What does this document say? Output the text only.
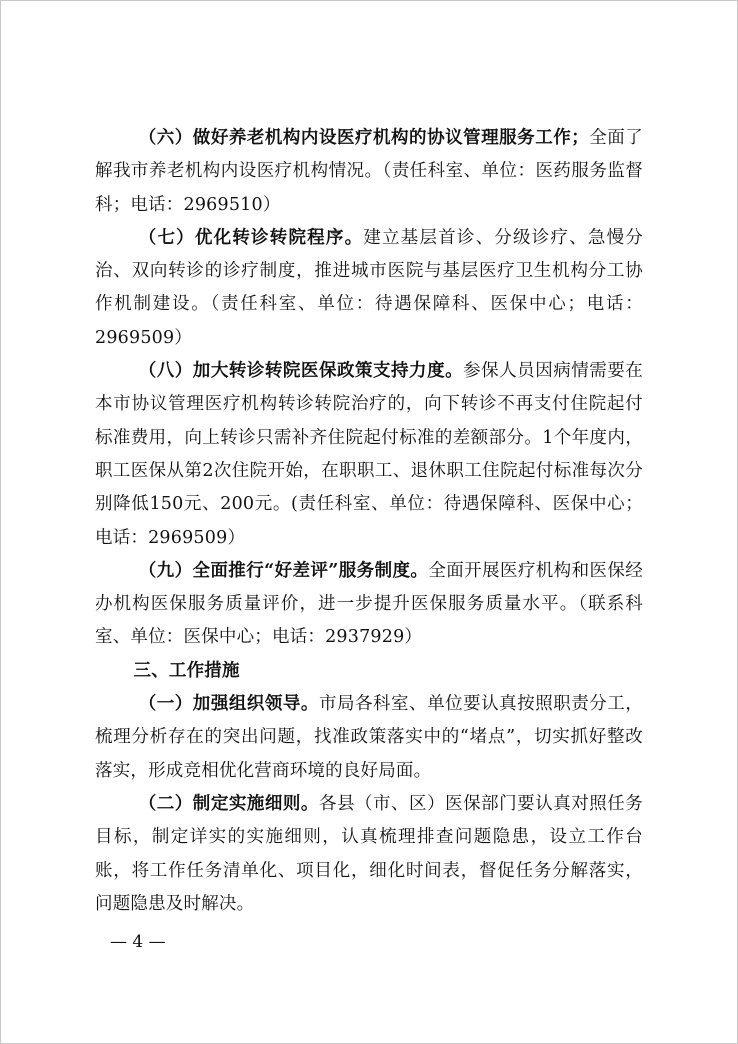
（六）做好养老机构内设医疗机构的协议管理服务工作；全面了解我市养老机构内设医疗机构情况。（责任科室、单位：医药服务监督科；电话：2969510）

（七）优化转诊转院程序。建立基层首诊、分级诊疗、急慢分治、双向转诊的诊疗制度，推进城市医院与基层医疗卫生机构分工协作机制建设。（责任科室、单位：待遇保障科、医保中心；电话：2969509）

（八）加大转诊转院医保政策支持力度。参保人员因病情需要在本市协议管理医疗机构转诊转院治疗的，向下转诊不再支付住院起付标准费用，向上转诊只需补齐住院起付标准的差额部分。1个年度内，职工医保从第2次住院开始，在职职工、退休职工住院起付标准每次分别降低150元、200元。(责任科室、单位：待遇保障科、医保中心；电话：2969509）

（九）全面推行“好差评”服务制度。全面开展医疗机构和医保经办机构医保服务质量评价，进一步提升医保服务质量水平。（联系科室、单位：医保中心；电话：2937929）

三、工作措施

（一）加强组织领导。市局各科室、单位要认真按照职责分工，梳理分析存在的突出问题，找准政策落实中的“堵点”，切实抓好整改落实，形成竞相优化营商环境的良好局面。

（二）制定实施细则。各县（市、区）医保部门要认真对照任务目标，制定详实的实施细则，认真梳理排查问题隐患，设立工作台账，将工作任务清单化、项目化，细化时间表，督促任务分解落实，问题隐患及时解决。

— 4 —
